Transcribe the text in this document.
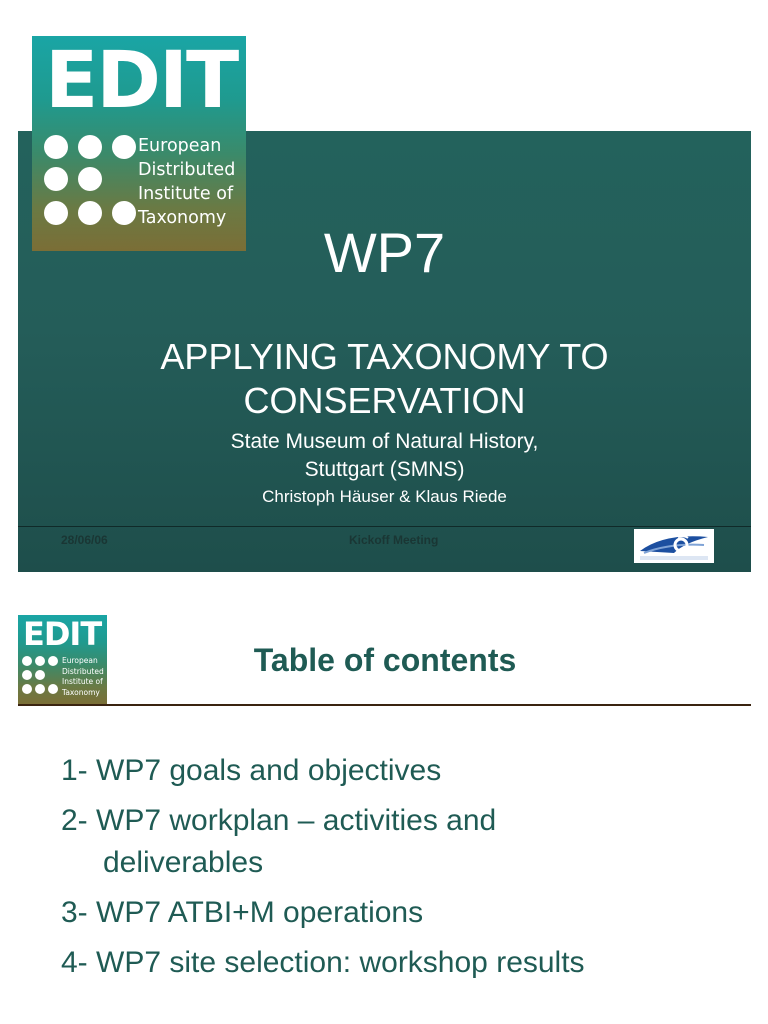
EDIT
European
Distributed
Institute of
Taxonomy
WP7
APPLYING TAXONOMY TO
CONSERVATION
State Museum of Natural History,
Stuttgart (SMNS)
Christoph Häuser & Klaus Riede
28/06/06	Kickoff Meeting
EDIT
European
Distributed
Institute of
Taxonomy
Table of contents
1- WP7 goals and objectives
2- WP7 workplan – activities and
deliverables
3- WP7 ATBI+M operations
4- WP7 site selection: workshop results
